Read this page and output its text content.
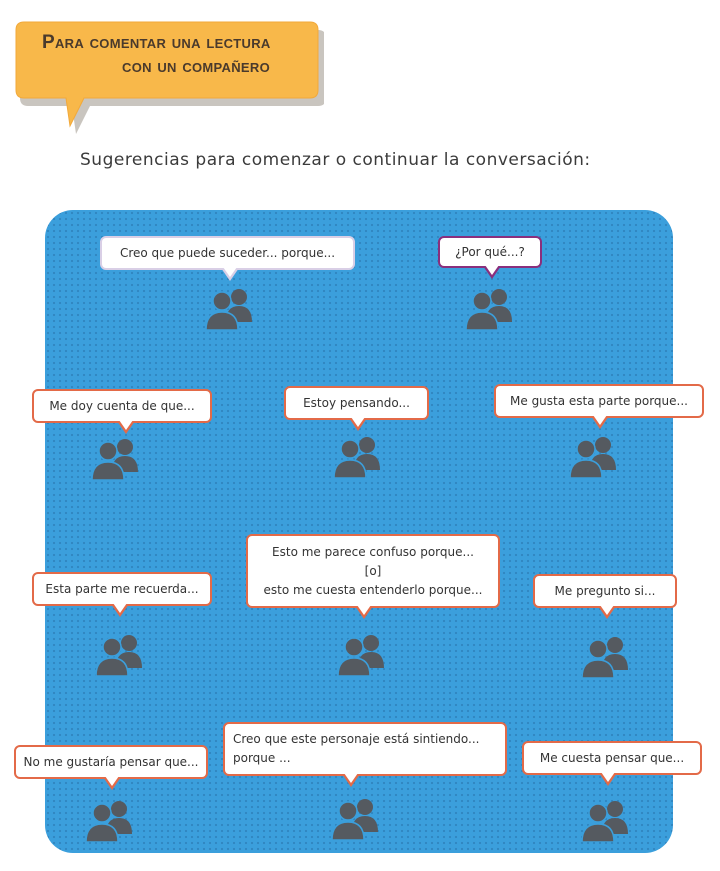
Para comentar una lectura
con un compañero
Sugerencias para comenzar o continuar la conversación:
Creo que puede suceder... porque...	¿Por qué...?
Me doy cuenta de que...	Estoy pensando...	Me gusta esta parte porque...
Esta parte me recuerda...
Esto me parece confuso porque...
[o]
esto me cuesta entenderlo porque...	Me pregunto si...
No me gustaría pensar que...
Creo que este personaje está sintiendo...
porque ...	Me cuesta pensar que...
